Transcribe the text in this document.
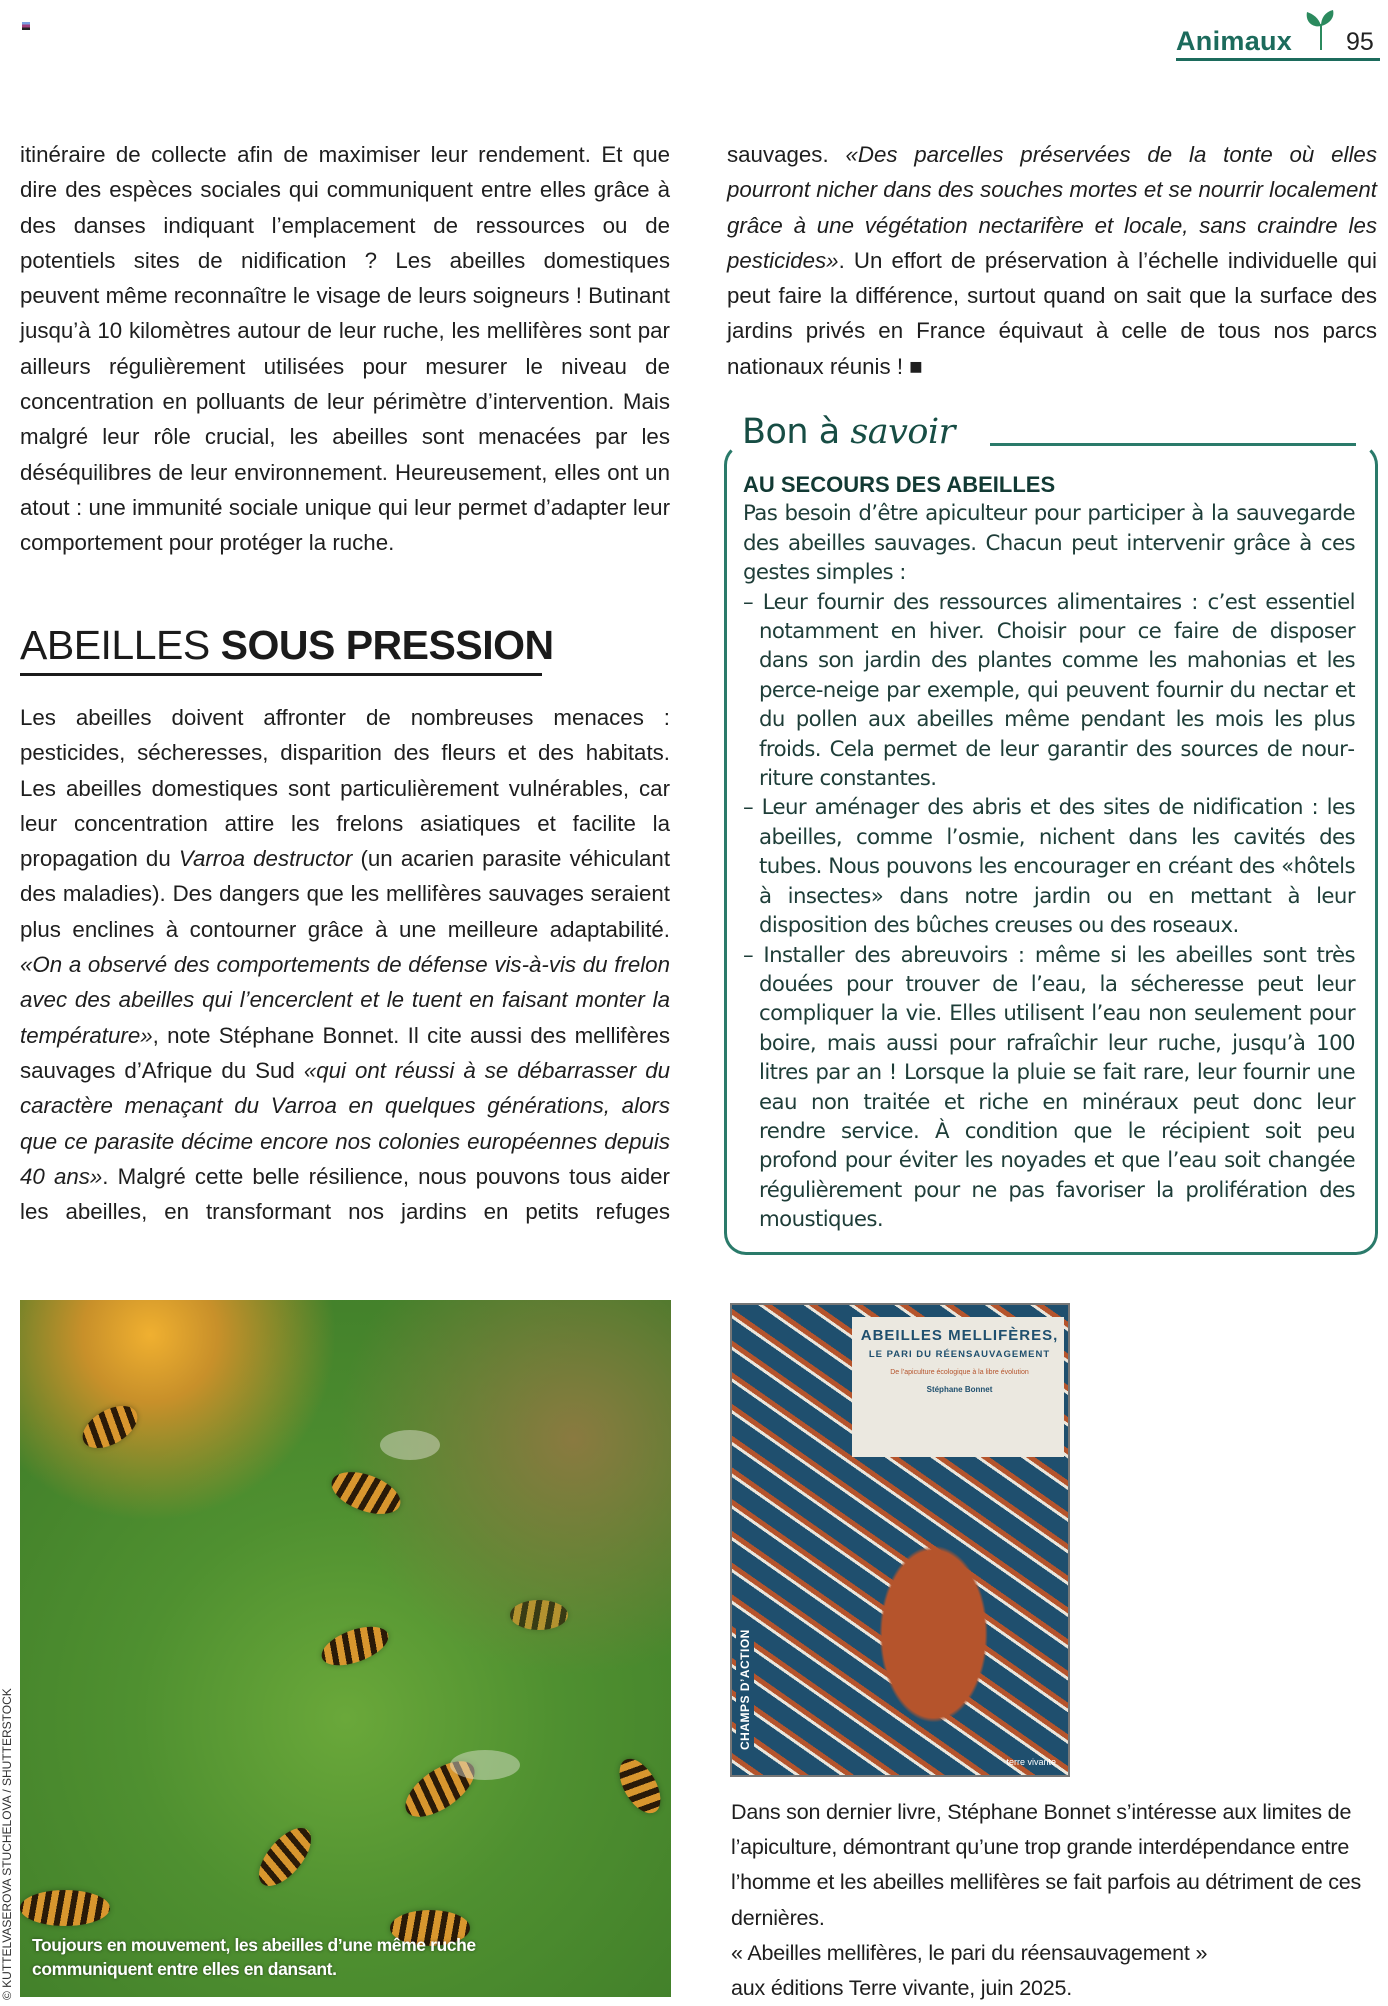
Animaux 95

itinéraire de collecte afin de maximiser leur rendement. Et que dire des espèces sociales qui communiquent entre elles grâce à des danses indiquant l’emplacement de ressources ou de potentiels sites de nidification ? Les abeilles domestiques peuvent même reconnaître le visage de leurs soigneurs ! Butinant jusqu’à 10 kilomètres autour de leur ruche, les mellifères sont par ailleurs régulièrement utilisées pour mesurer le niveau de concentration en polluants de leur périmètre d’intervention. Mais malgré leur rôle crucial, les abeilles sont menacées par les déséquilibres de leur environnement. Heureusement, elles ont un atout : une immunité sociale unique qui leur permet d’adapter leur comportement pour protéger la ruche.

ABEILLES SOUS PRESSION

Les abeilles doivent affronter de nombreuses menaces : pesticides, sécheresses, disparition des fleurs et des habitats. Les abeilles domestiques sont particulièrement vulnérables, car leur concentration attire les frelons asiatiques et facilite la propagation du Varroa destructor (un acarien parasite véhiculant des maladies). Des dangers que les mellifères sauvages seraient plus enclines à contourner grâce à une meilleure adaptabilité. «On a observé des comportements de défense vis-à-vis du frelon avec des abeilles qui l’encerclent et le tuent en faisant monter la température», note Stéphane Bonnet. Il cite aussi des mellifères sauvages d’Afrique du Sud «qui ont réussi à se débarrasser du caractère menaçant du Varroa en quelques générations, alors que ce parasite décime encore nos colonies européennes depuis 40 ans». Malgré cette belle résilience, nous pouvons tous aider les abeilles, en transformant nos jardins en petits refuges

sauvages. «Des parcelles préservées de la tonte où elles pourront nicher dans des souches mortes et se nourrir localement grâce à une végétation nectarifère et locale, sans craindre les pesticides». Un effort de préservation à l’échelle individuelle qui peut faire la différence, surtout quand on sait que la surface des jardins privés en France équivaut à celle de tous nos parcs nationaux réunis ! ■

Bon à savoir
AU SECOURS DES ABEILLES

Pas besoin d’être apiculteur pour participer à la sauvegarde des abeilles sauvages. Chacun peut intervenir grâce à ces gestes simples :

– Leur fournir des ressources alimentaires : c’est essentiel notamment en hiver. Choisir pour ce faire de disposer dans son jardin des plantes comme les mahonias et les perce-neige par exemple, qui peuvent fournir du nectar et du pollen aux abeilles même pendant les mois les plus froids. Cela permet de leur garantir des sources de nourriture constantes.
– Leur aménager des abris et des sites de nidification : les abeilles, comme l’osmie, nichent dans les cavités des tubes. Nous pouvons les encourager en créant des «hôtels à insectes» dans notre jardin ou en mettant à leur disposition des bûches creuses ou des roseaux.
– Installer des abreuvoirs : même si les abeilles sont très douées pour trouver de l’eau, la sécheresse peut leur compliquer la vie. Elles utilisent l’eau non seulement pour boire, mais aussi pour rafraîchir leur ruche, jusqu’à 100 litres par an ! Lorsque la pluie se fait rare, leur fournir une eau non traitée et riche en minéraux peut donc leur rendre service. À condition que le récipient soit peu profond pour éviter les noyades et que l’eau soit changée régulièrement pour ne pas favoriser la prolifération des moustiques.
Toujours en mouvement, les abeilles d’une même ruche
communiquent entre elles en dansant.
© KUTTELVASEROVA STUCHELOVA / SHUTTERSTOCK
ABEILLES MELLIFÈRES,
LE PARI DU RÉENSAUVAGEMENT
De l’apiculture écologique à la libre évolution
Stéphane Bonnet
CHAMPS D’ACTION
terre vivante

Dans son dernier livre, Stéphane Bonnet s’intéresse aux limites de l’apiculture, démontrant qu’une trop grande interdépendance entre l’homme et les abeilles mellifères se fait parfois au détriment de ces dernières.

« Abeilles mellifères, le pari du réensauvagement »

aux éditions Terre vivante, juin 2025.
